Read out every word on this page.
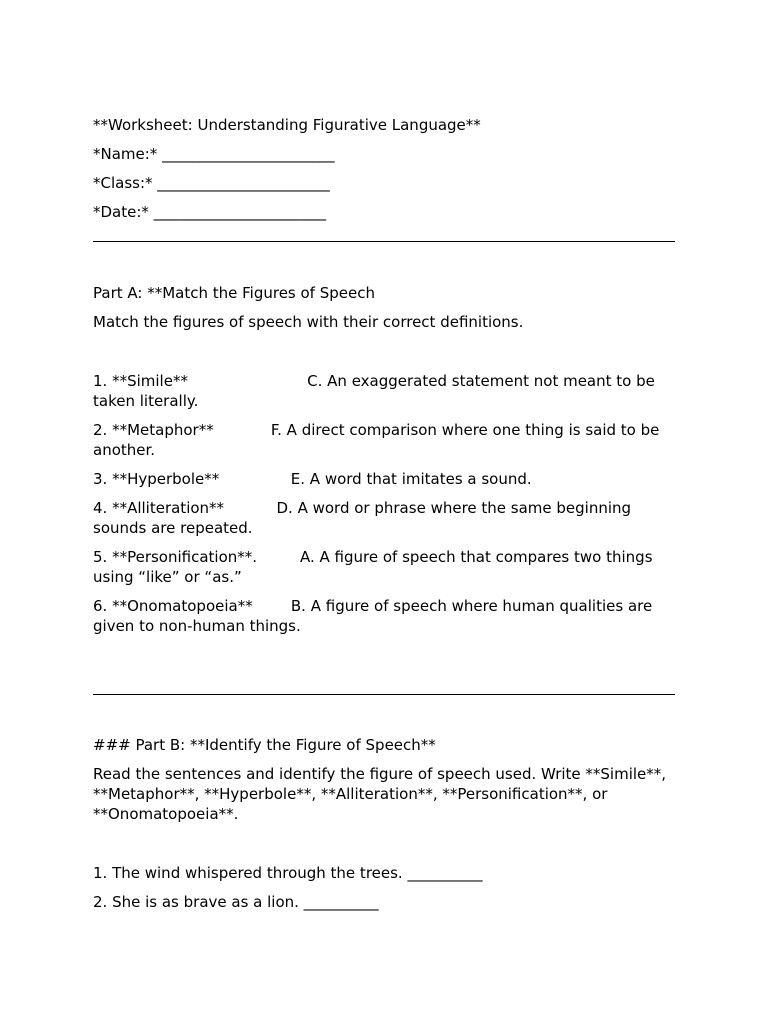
**Worksheet: Understanding Figurative Language**

*Name:* _______________________

*Class:* _______________________

*Date:* _______________________

Part A: **Match the Figures of Speech

Match the figures of speech with their correct definitions.

1. **Simile**	C. An exaggerated statement not meant to be taken literally.

2. **Metaphor**	F. A direct comparison where one thing is said to be another.

3. **Hyperbole**	E. A word that imitates a sound.

4. **Alliteration**	D. A word or phrase where the same beginning sounds are repeated.

5. **Personification**.	A. A figure of speech that compares two things using “like” or “as.”

6. **Onomatopoeia**	B. A figure of speech where human qualities are given to non-human things.

### Part B: **Identify the Figure of Speech**

Read the sentences and identify the figure of speech used. Write **Simile**, **Metaphor**, **Hyperbole**, **Alliteration**, **Personification**, or **Onomatopoeia**.

1. The wind whispered through the trees. __________

2. She is as brave as a lion. __________
